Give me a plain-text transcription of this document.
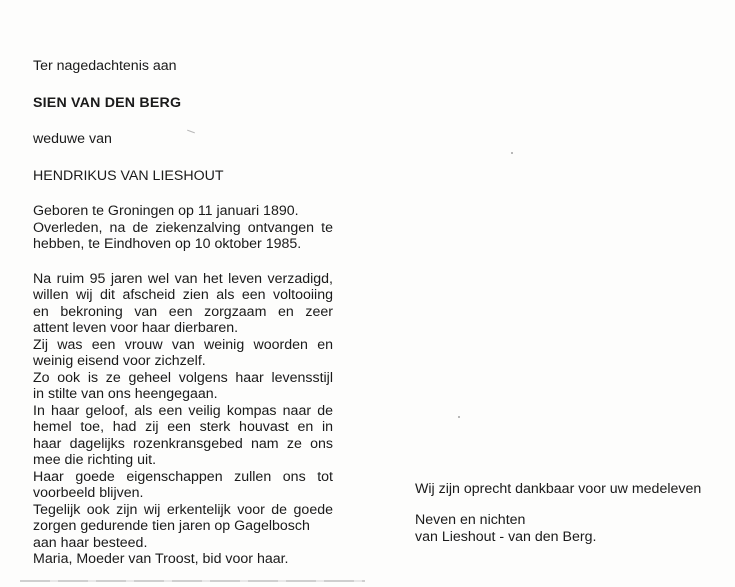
Ter nagedachtenis aan
SIEN VAN DEN BERG
weduwe van
HENDRIKUS VAN LIESHOUT
Geboren te Groningen op 11 januari 1890.
Overleden, na de ziekenzalving ontvangen te
hebben, te Eindhoven op 10 oktober 1985.
Na ruim 95 jaren wel van het leven verzadigd,
willen wij dit afscheid zien als een voltooiing
en bekroning van een zorgzaam en zeer
attent leven voor haar dierbaren.
Zij was een vrouw van weinig woorden en
weinig eisend voor zichzelf.
Zo ook is ze geheel volgens haar levensstijl
in stilte van ons heengegaan.
In haar geloof, als een veilig kompas naar de
hemel toe, had zij een sterk houvast en in
haar dagelijks rozenkransgebed nam ze ons
mee die richting uit.
Haar goede eigenschappen zullen ons tot
voorbeeld blijven.
Tegelijk ook zijn wij erkentelijk voor de goede
zorgen gedurende tien jaren op Gagelbosch
aan haar besteed.
Maria, Moeder van Troost, bid voor haar.
Wij zijn oprecht dankbaar voor uw medeleven
Neven en nichten
van Lieshout - van den Berg.
